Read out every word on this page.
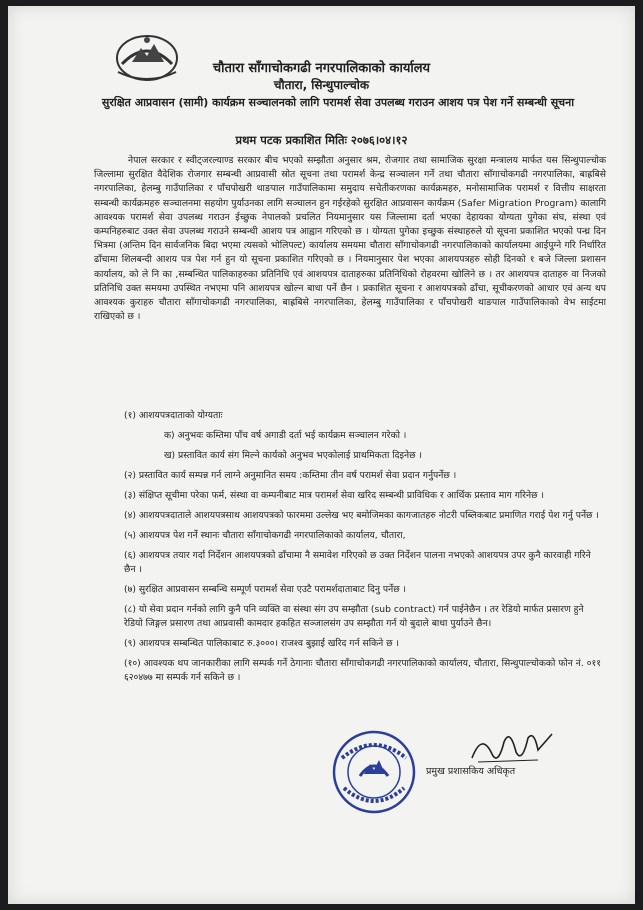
चौतारा साँगाचोकगढी नगरपालिकाको कार्यालय
चौतारा, सिन्धुपाल्चोक
सुरक्षित आप्रवासन (सामी) कार्यक्रम सञ्चालनको लागि परामर्श सेवा उपलब्ध गराउन आशय पत्र पेश गर्ने सम्बन्धी सूचना
प्रथम पटक प्रकाशित मितिः २०७६।०४।१२
नेपाल सरकार र स्वीट्जरल्याण्ड सरकार बीच भएको सम्झौता अनुसार श्रम, रोजगार तथा सामाजिक सुरक्षा मन्त्रालय मार्फत यस सिन्धुपाल्चोक जिल्लामा सुरक्षित वैदेशिक रोजगार सम्बन्धी आप्रवासी स्रोत सूचना तथा परामर्श केन्द्र सञ्चालन गर्ने तथा चौतारा साँगाचोकगढी नगरपालिका, बाह्रबिसे नगरपालिका, हेलम्बु गाउँपालिका र पाँचपोखरी थाङपाल गाउँपालिकामा समुदाय सचेतीकरणका कार्यक्रमहरु, मनोसामाजिक परामर्श र वित्तीय साक्षरता सम्बन्धी कार्यक्रमहरु सञ्चालनमा सहयोग पुर्याउनका लागि सञ्चालन हुन गईरहेको सुरक्षित आप्रवासन कार्यक्रम (Safer Migration Program) कालागि आवश्यक परामर्श सेवा उपलब्ध गराउन ईच्छुक नेपालको प्रचलित नियमानुसार यस जिल्लामा दर्ता भएका देहायका योग्यता पुगेका संघ, संस्था एवं कम्पनिहरुबाट उक्त सेवा उपलब्ध गराउने सम्बन्धी आशय पत्र आह्वान गरिएको छ । योग्यता पुगेका इच्छुक संस्थाहरुले यो सूचना प्रकाशित भएको पन्ध्र दिन भित्रमा (अन्तिम दिन सार्वजनिक बिदा भएमा त्यसको भोलिपल्ट) कार्यालय समयमा चौतारा साँगाचोकगढी नगरपालिकाको कार्यालयमा आईपुग्ने गरि निर्धारित ढाँचामा शिलबन्दी आशय पत्र पेश गर्न हुन यो सूचना प्रकाशित गरिएको छ । नियमानुसार पेश भएका आशयपत्रहरु सोही दिनको १ बजे जिल्ला प्रशासन कार्यालय, को ले नि का ,सम्बन्धित पालिकाहरुका प्रतिनिधि एवं आशयपत्र दाताहरुका प्रतिनिधिको रोहवरमा खोलिने छ । तर आशयपत्र दाताहरु वा निजको प्रतिनिधि उक्त समयमा उपस्थित नभएमा पनि आशयपत्र खोल्न बाधा पर्ने छैन । प्रकाशित सूचना र आशयपत्रको ढाँचा, सूचीकरणको आधार एवं अन्य थप आवश्यक कुराहरु चौतारा साँगाचोकगढी नगरपालिका, बाह्रबिसे नगरपालिका, हेलम्बु गाउँपालिका र पाँचपोखरी थाङपाल गाउँपालिकाको वेभ साईटमा राखिएको छ ।
(१) आशयपत्रदाताको योग्यताः
क) अनुभवः कम्तिमा पाँच वर्ष अगाडी दर्ता भई कार्यक्रम सञ्चालन गरेको ।
ख) प्रस्तावित कार्य संग मिल्ने कार्यको अनुभव भएकोलाई प्राथमिकता दिइनेछ ।
(२) प्रस्तावित कार्य सम्पन्न गर्न लाग्ने अनुमानित समय :कम्तिमा तीन वर्ष परामर्श सेवा प्रदान गर्नुपर्नेछ ।
(३) संक्षिप्त सूचीमा परेका फर्म, संस्था वा कम्पनीबाट मात्र परामर्श सेवा खरिद सम्बन्धी प्राविधिक र आर्थिक प्रस्ताव माग गरिनेछ ।
(४) आशयपत्रदाताले आशयपत्रसाथ आशयपत्रको फारममा उल्लेख भए बमोजिमका कागजातहरु नोटरी पब्लिकबाट प्रमाणित गराई पेश गर्नु पर्नेछ ।
(५) आशयपत्र पेश गर्ने स्थानः चौतारा साँगाचोकगढी नगरपालिकाको कार्यालय, चौतारा,
(६) आशयपत्र तयार गर्दा निर्देशन आशयपत्रको ढाँचामा नै समावेश गरिएको छ उक्त निर्देशन पालना नभएको आशयपत्र उपर कुनै कारवाही गरिने छैन ।
(७) सुरक्षित आप्रवासन सम्बन्धि सम्पूर्ण परामर्श सेवा एउटै परामर्शदाताबाट दिनु पर्नेछ ।
(८) यो सेवा प्रदान गर्नको लागि कुनै पनि व्यक्ति वा संस्था संग उप सम्झौता (sub contract) गर्न पाईनेछैन । तर रेडियो मार्फत प्रसारण हुने रेडियो जिङ्गल प्रसारण तथा आप्रवासी कामदार हकहित सञ्जालसंग उप सम्झौता गर्न यो बुदाले बाधा पुर्याउने छैन।
(९) आशयपत्र सम्बन्धित पालिकाबाट रु.३०००। राजश्व बुझाई खरिद गर्न सकिने छ ।
(१०) आवश्यक थप जानकारीका लागि सम्पर्क गर्ने ठेगानाः चौतारा साँगाचोकगढी नगरपालिकाको कार्यालय, चौतारा, सिन्धुपाल्चोकको फोन नं. ०११ ६२०४७७ मा सम्पर्क गर्न सकिने छ ।
प्रमुख प्रशासकिय अधिकृत
